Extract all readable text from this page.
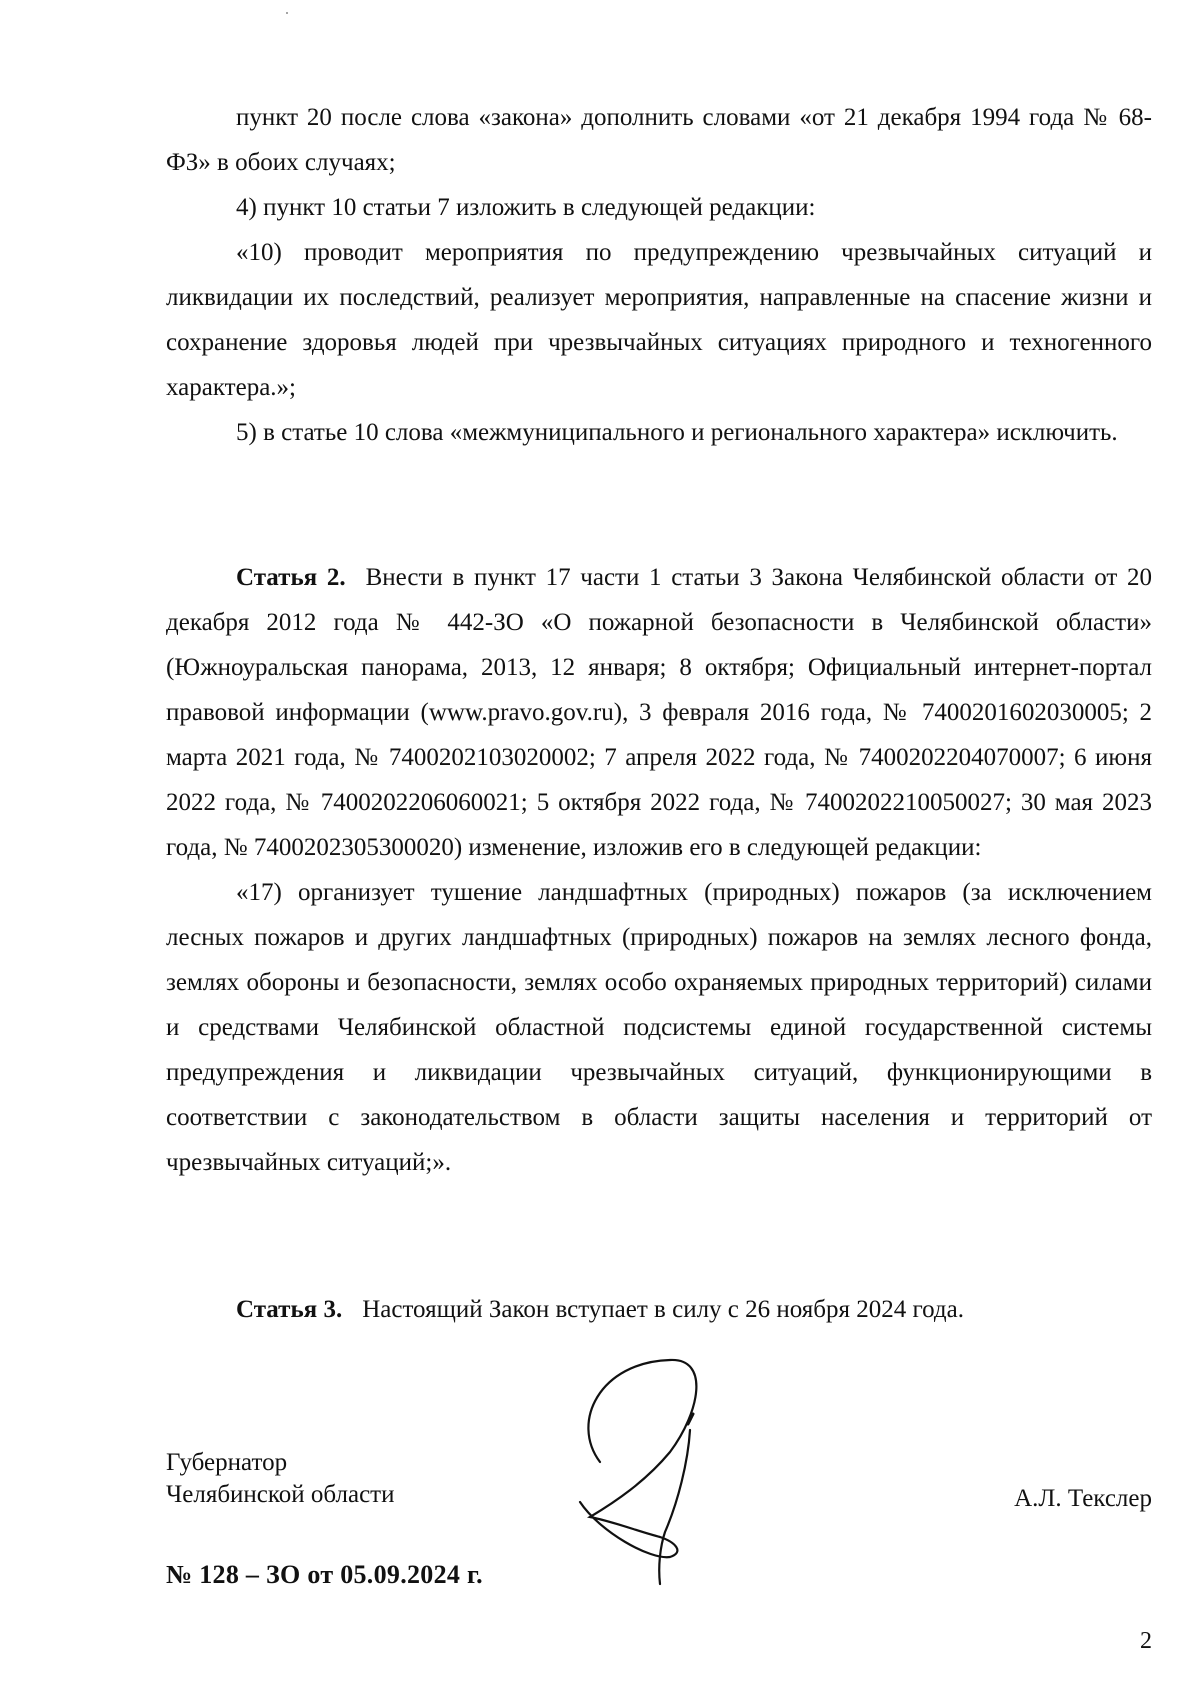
пункт 20 после слова «закона» дополнить словами «от 21 декабря 1994 года № 68-ФЗ» в обоих случаях;

4) пункт 10 статьи 7 изложить в следующей редакции:

«10) проводит мероприятия по предупреждению чрезвычайных ситуаций и ликвидации их последствий, реализует мероприятия, направленные на спасение жизни и сохранение здоровья людей при чрезвычайных ситуациях природного и техногенного характера.»;

5) в статье 10 слова «межмуниципального и регионального характера» исключить.

Статья 2. Внести в пункт 17 части 1 статьи 3 Закона Челябинской области от 20 декабря 2012 года № 442-ЗО «О пожарной безопасности в Челябинской области» (Южноуральская панорама, 2013, 12 января; 8 октября; Официальный интернет-портал правовой информации (www.pravo.gov.ru), 3 февраля 2016 года, № 7400201602030005; 2 марта 2021 года, № 7400202103020002; 7 апреля 2022 года, № 7400202204070007; 6 июня 2022 года, № 7400202206060021; 5 октября 2022 года, № 7400202210050027; 30 мая 2023 года, № 7400202305300020) изменение, изложив его в следующей редакции:

«17) организует тушение ландшафтных (природных) пожаров (за исключением лесных пожаров и других ландшафтных (природных) пожаров на землях лесного фонда, землях обороны и безопасности, землях особо охраняемых природных территорий) силами и средствами Челябинской областной подсистемы единой государственной системы предупреждения и ликвидации чрезвычайных ситуаций, функционирующими в соответствии с законодательством в области защиты населения и территорий от чрезвычайных ситуаций;».

Статья 3. Настоящий Закон вступает в силу с 26 ноября 2024 года.

Губернатор
Челябинской области	А.Л. Текслер
№ 128 – ЗО от 05.09.2024 г.
2
